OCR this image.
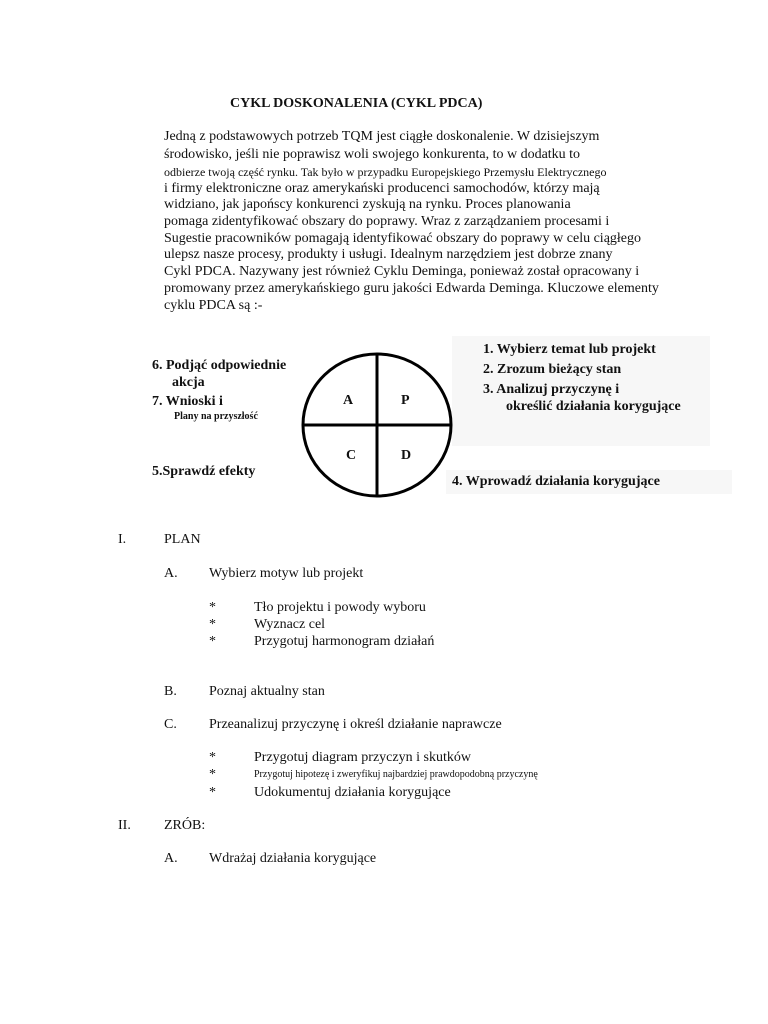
CYKL DOSKONALENIA (CYKL PDCA)
Jedną z podstawowych potrzeb TQM jest ciągłe doskonalenie. W dzisiejszym
środowisko, jeśli nie poprawisz woli swojego konkurenta, to w dodatku to
odbierze twoją część rynku. Tak było w przypadku Europejskiego Przemysłu Elektrycznego
i firmy elektroniczne oraz amerykański producenci samochodów, którzy mają
widziano, jak japońscy konkurenci zyskują na rynku. Proces planowania
pomaga zidentyfikować obszary do poprawy. Wraz z zarządzaniem procesami i
Sugestie pracowników pomagają identyfikować obszary do poprawy w celu ciągłego
ulepsz nasze procesy, produkty i usługi. Idealnym narzędziem jest dobrze znany
Cykl PDCA. Nazywany jest również Cyklu Deminga, ponieważ został opracowany i
promowany przez amerykańskiego guru jakości Edwarda Deminga. Kluczowe elementy
cyklu PDCA są :-
A	P
C	D
6. Podjąć odpowiednie
akcja
7. Wnioski i
Plany na przyszłość
5.Sprawdź efekty
1. Wybierz temat lub projekt
2. Zrozum bieżący stan
3. Analizuj przyczynę i
określić działania korygujące
4. Wprowadź działania korygujące
I.	PLAN
A. Wybierz motyw lub projekt
*	Tło projektu i powody wyboru
*	Wyznacz cel
*	Przygotuj harmonogram działań
B. Poznaj aktualny stan
C. Przeanalizuj przyczynę i określ działanie naprawcze
*	Przygotuj diagram przyczyn i skutków
*	Przygotuj hipotezę i zweryfikuj najbardziej prawdopodobną przyczynę
*	Udokumentuj działania korygujące
II. ZRÓB:
A. Wdrażaj działania korygujące
